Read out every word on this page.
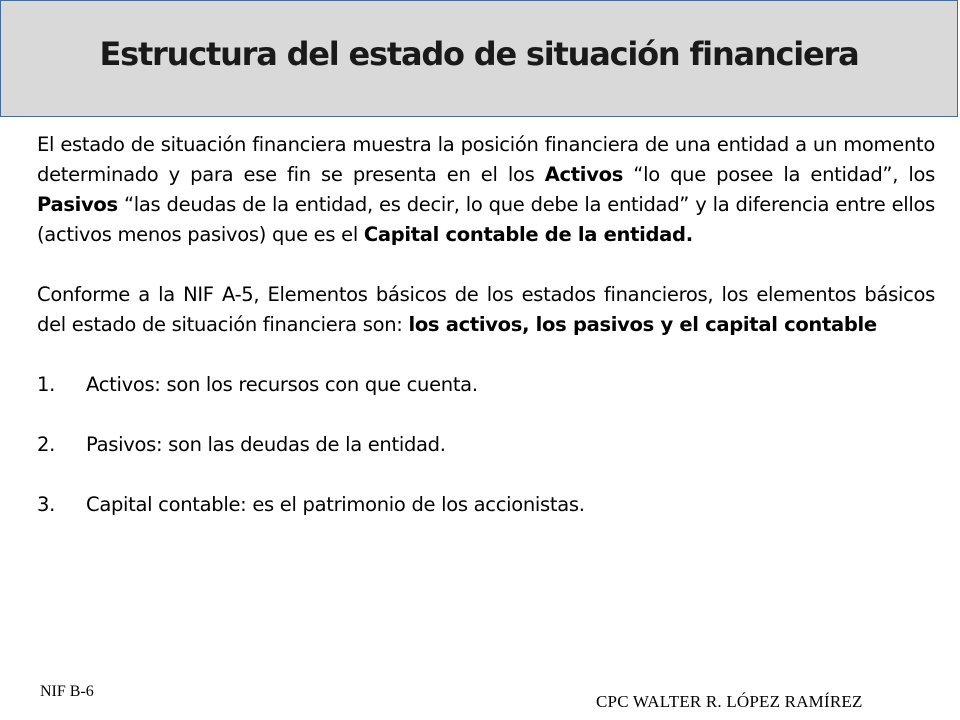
Estructura del estado de situación financiera

El estado de situación financiera muestra la posición financiera de una entidad a un momento determinado y para ese fin se presenta en el los Activos “lo que posee la entidad”, los Pasivos “las deudas de la entidad, es decir, lo que debe la entidad” y la diferencia entre ellos (activos menos pasivos) que es el Capital contable de la entidad.

Conforme a la NIF A-5, Elementos básicos de los estados financieros, los elementos básicos del estado de situación financiera son: los activos, los pasivos y el capital contable

1.	Activos: son los recursos con que cuenta.
2.	Pasivos: son las deudas de la entidad.
3.	Capital contable: es el patrimonio de los accionistas.
NIF B-6
CPC WALTER R. LÓPEZ RAMÍREZ
